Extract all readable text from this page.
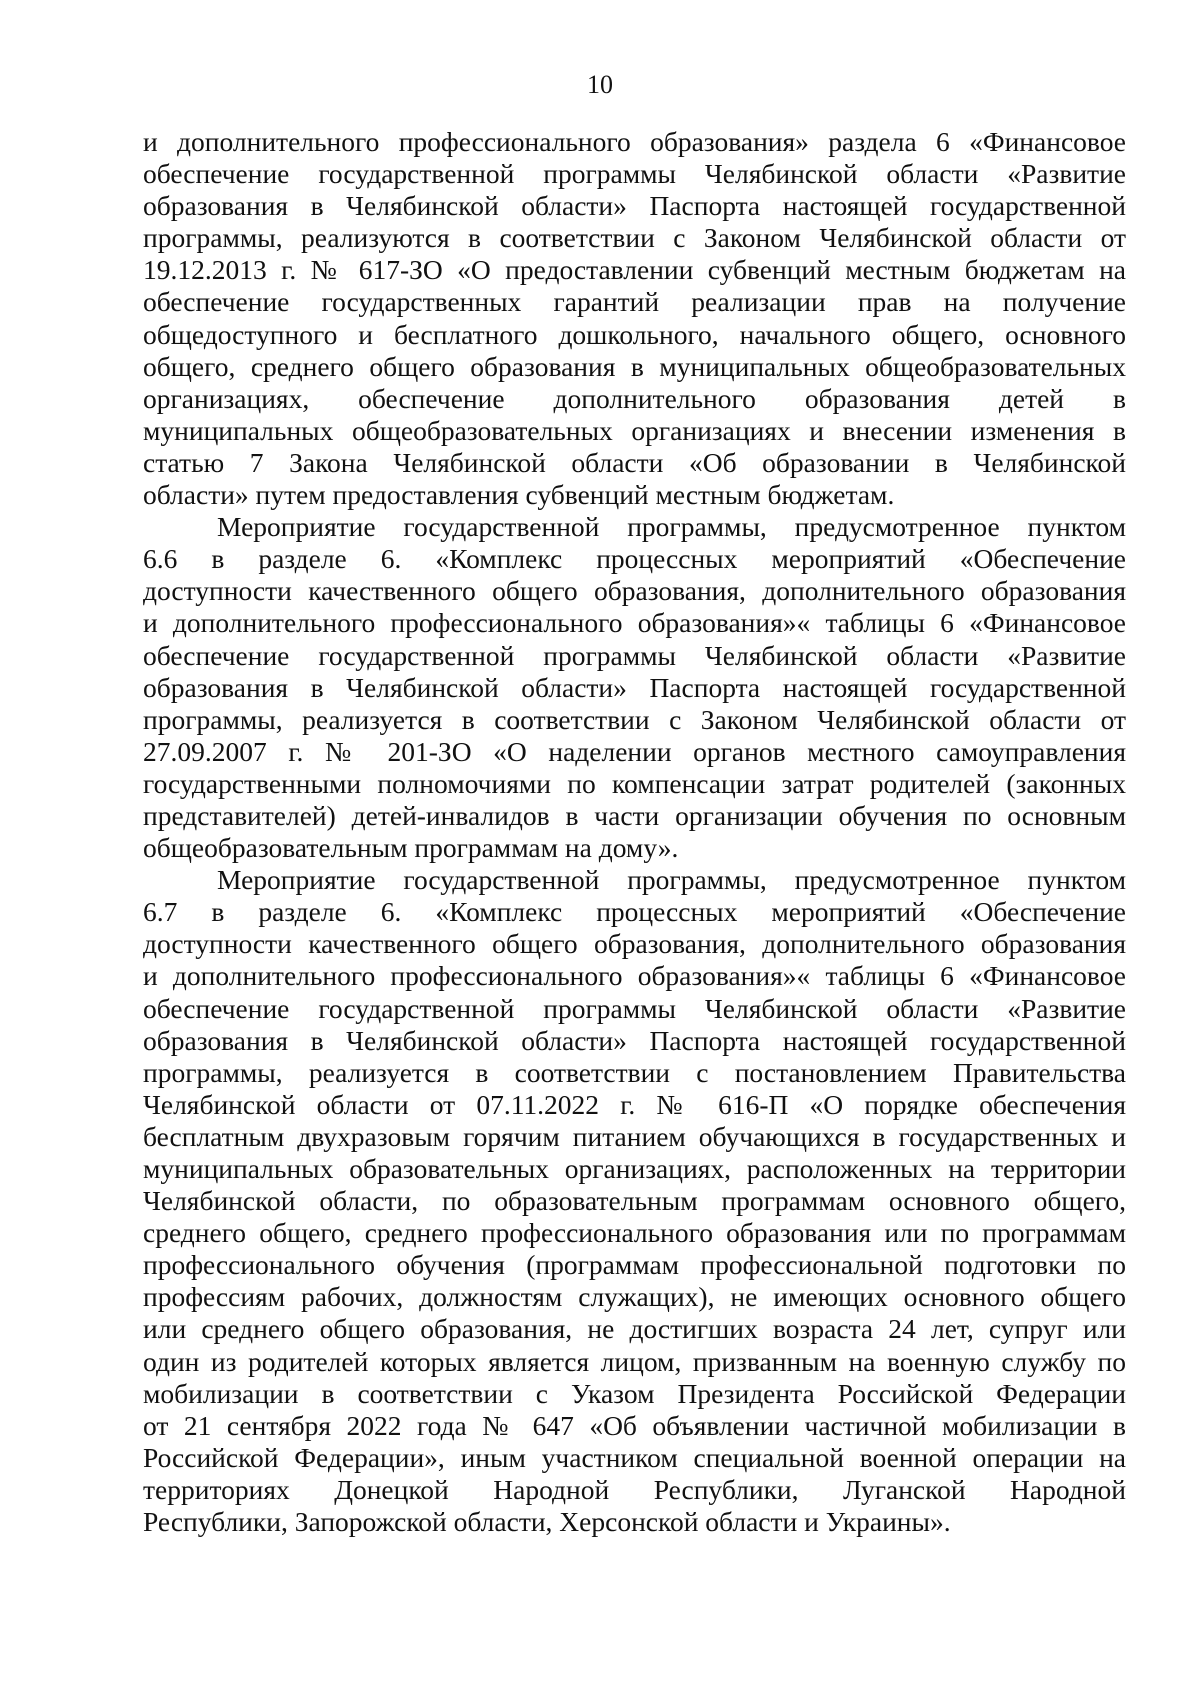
10
и дополнительного профессионального образования» раздела 6 «Финансовое
обеспечение государственной программы Челябинской области «Развитие
образования в Челябинской области» Паспорта настоящей государственной
программы, реализуются в соответствии с Законом Челябинской области от
19.12.2013 г. № 617-ЗО «О предоставлении субвенций местным бюджетам на
обеспечение государственных гарантий реализации прав на получение
общедоступного и бесплатного дошкольного, начального общего, основного
общего, среднего общего образования в муниципальных общеобразовательных
организациях, обеспечение дополнительного образования детей в
муниципальных общеобразовательных организациях и внесении изменения в
статью 7 Закона Челябинской области «Об образовании в Челябинской
области» путем предоставления субвенций местным бюджетам.
Мероприятие государственной программы, предусмотренное пунктом
6.6 в разделе 6. «Комплекс процессных мероприятий «Обеспечение
доступности качественного общего образования, дополнительного образования
и дополнительного профессионального образования»« таблицы 6 «Финансовое
обеспечение государственной программы Челябинской области «Развитие
образования в Челябинской области» Паспорта настоящей государственной
программы, реализуется в соответствии с Законом Челябинской области от
27.09.2007 г. № 201-ЗО «О наделении органов местного самоуправления
государственными полномочиями по компенсации затрат родителей (законных
представителей) детей-инвалидов в части организации обучения по основным
общеобразовательным программам на дому».
Мероприятие государственной программы, предусмотренное пунктом
6.7 в разделе 6. «Комплекс процессных мероприятий «Обеспечение
доступности качественного общего образования, дополнительного образования
и дополнительного профессионального образования»« таблицы 6 «Финансовое
обеспечение государственной программы Челябинской области «Развитие
образования в Челябинской области» Паспорта настоящей государственной
программы, реализуется в соответствии с постановлением Правительства
Челябинской области от 07.11.2022 г. № 616-П «О порядке обеспечения
бесплатным двухразовым горячим питанием обучающихся в государственных и
муниципальных образовательных организациях, расположенных на территории
Челябинской области, по образовательным программам основного общего,
среднего общего, среднего профессионального образования или по программам
профессионального обучения (программам профессиональной подготовки по
профессиям рабочих, должностям служащих), не имеющих основного общего
или среднего общего образования, не достигших возраста 24 лет, супруг или
один из родителей которых является лицом, призванным на военную службу по
мобилизации в соответствии с Указом Президента Российской Федерации
от 21 сентября 2022 года № 647 «Об объявлении частичной мобилизации в
Российской Федерации», иным участником специальной военной операции на
территориях Донецкой Народной Республики, Луганской Народной
Республики, Запорожской области, Херсонской области и Украины».
